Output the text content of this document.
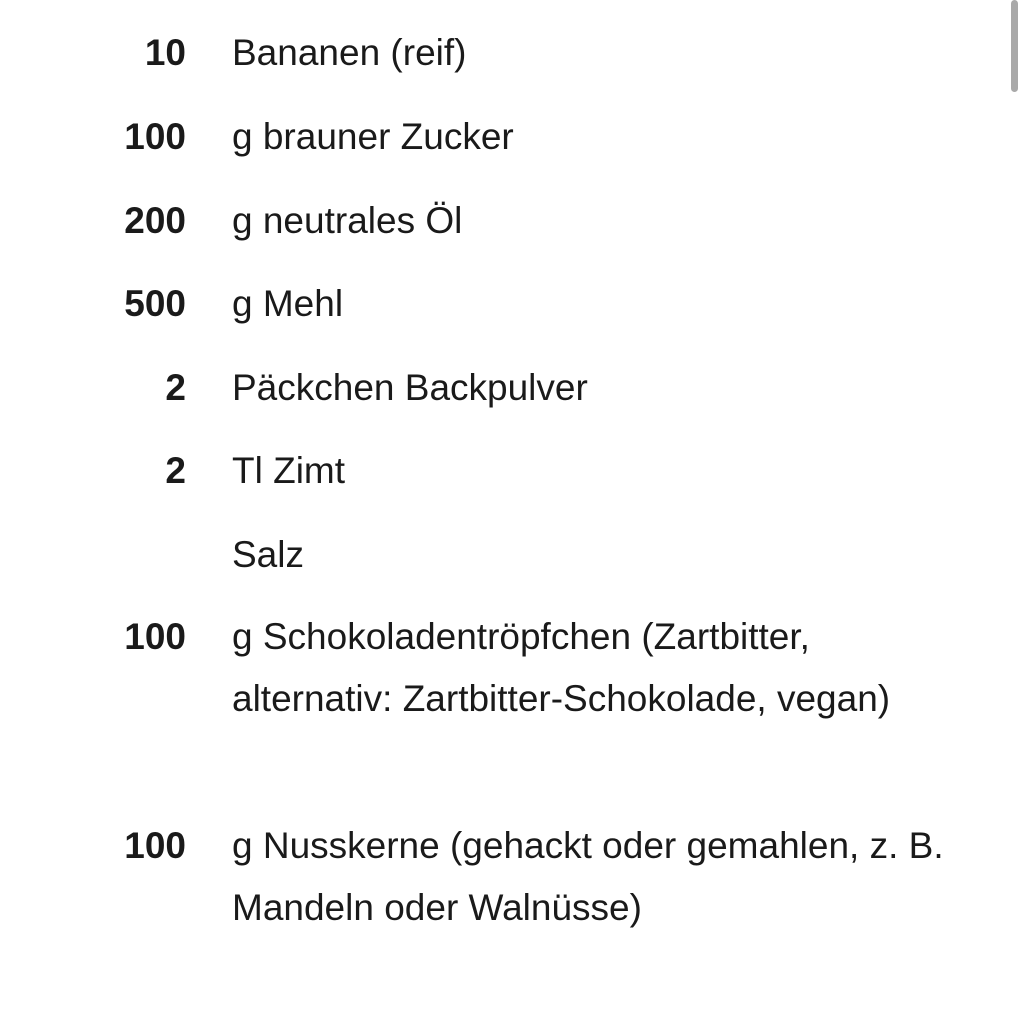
10 Bananen (reif)
100 g brauner Zucker
200 g neutrales Öl
500 g Mehl
2 Päckchen Backpulver
2 Tl Zimt
Salz
100 g Schokoladentröpfchen (Zartbitter, alternativ: Zartbitter-Schokolade, vegan)
100 g Nusskerne (gehackt oder gemahlen, z. B. Mandeln oder Walnüsse)
